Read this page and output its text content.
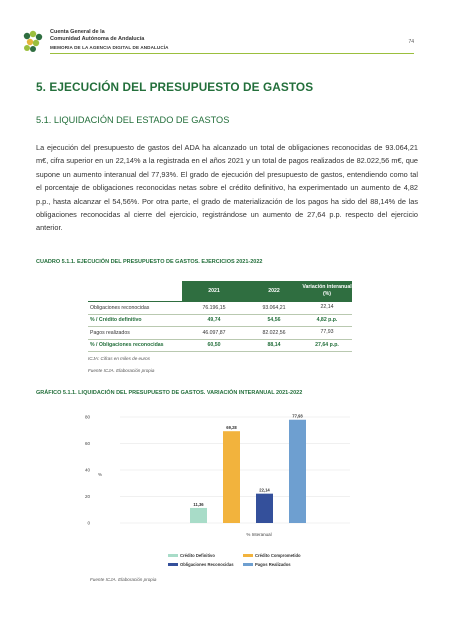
Cuenta General de la
Comunidad Autónoma de Andalucía
MEMORIA DE LA AGENCIA DIGITAL DE ANDALUCÍA
74
5. EJECUCIÓN DEL PRESUPUESTO DE GASTOS
5.1. LIQUIDACIÓN DEL ESTADO DE GASTOS
La ejecución del presupuesto de gastos del ADA ha alcanzado un total de obligaciones reconocidas de 93.064,21 m€, cifra superior en un 22,14% a la registrada en el años 2021 y un total de pagos realizados de 82.022,56 m€, que supone un aumento interanual del 77,93%. El grado de ejecución del presupuesto de gastos, entendiendo como tal el porcentaje de obligaciones reconocidas netas sobre el crédito definitivo, ha experimentado un aumento de 4,82 p.p., hasta alcanzar el 54,56%. Por otra parte, el grado de materialización de los pagos ha sido del 88,14% de las obligaciones reconocidas al cierre del ejercicio, registrándose un aumento de 27,64 p.p. respecto del ejercicio anterior.
CUADRO 5.1.1. EJECUCIÓN DEL PRESUPUESTO DE GASTOS. EJERCICIOS 2021-2022
	2021	2022	Variación interanual (%)
Obligaciones reconocidas	76.196,15	93.064,21	22,14
% / Crédito definitivo	49,74	54,56	4,82 p.p.
Pagos realizados	46.097,87	82.022,56	77,93
% / Obligaciones reconocidas	60,50	88,14	27,64 p.p.
ICJA: Cifras en miles de euros
Fuente ICJA. Elaboración propia
GRÁFICO 5.1.1. LIQUIDACIÓN DEL PRESUPUESTO DE GASTOS. VARIACIÓN INTERANUAL 2021-2022
0
20
40
60
80
%
11,36
69,28
22,14
77,93
% Interanual
Crédito Definitivo	Crédito Comprometido
Obligaciones Reconocidas	Pagos Realizados
Fuente ICJA. Elaboración propia
